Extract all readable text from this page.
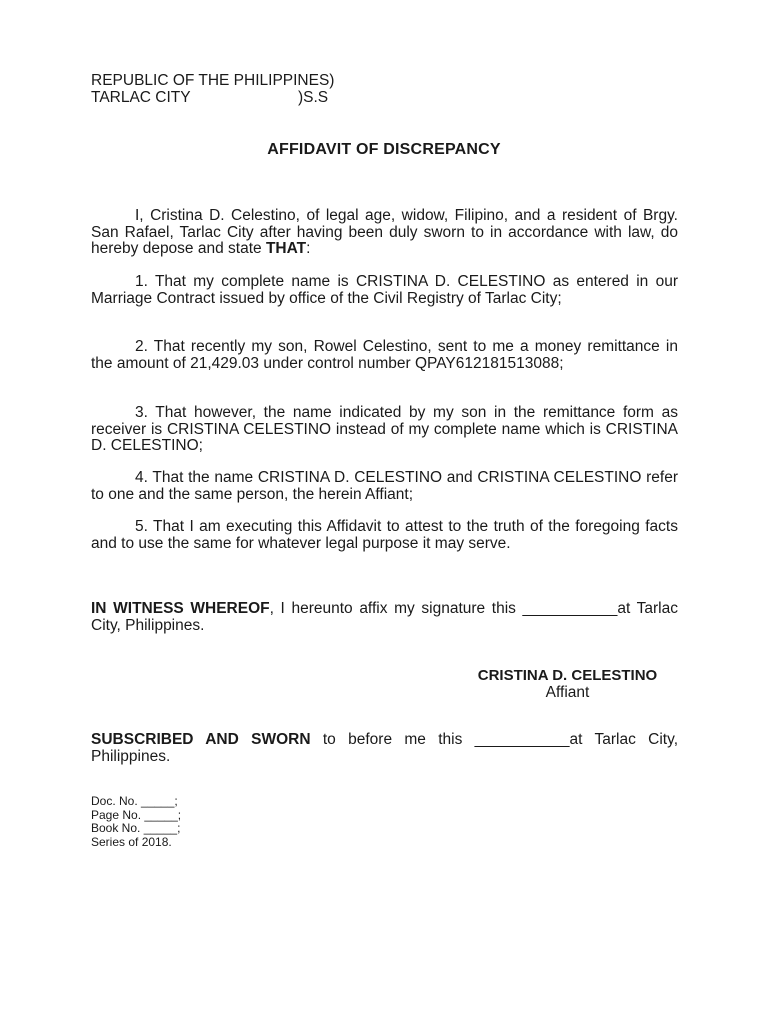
REPUBLIC OF THE PHILIPPINES)
TARLAC CITY                         )S.S
AFFIDAVIT OF DISCREPANCY
I, Cristina D. Celestino, of legal age, widow, Filipino, and a resident of Brgy. San Rafael, Tarlac City after having been duly sworn to in accordance with law, do hereby depose and state THAT:
1. That my complete name is CRISTINA D. CELESTINO as entered in our Marriage Contract issued by office of the Civil Registry of Tarlac City;
2. That recently my son, Rowel Celestino, sent to me a money remittance in the amount of 21,429.03 under control number QPAY612181513088;
3. That however, the name indicated by my son in the remittance form as receiver is CRISTINA CELESTINO instead of my complete name which is CRISTINA D. CELESTINO;
4. That the name CRISTINA D. CELESTINO and CRISTINA CELESTINO refer to one and the same person, the herein Affiant;
5. That I am executing this Affidavit to attest to the truth of the foregoing facts and to use the same for whatever legal purpose it may serve.
IN WITNESS WHEREOF, I hereunto affix my signature this ___________at Tarlac City, Philippines.
CRISTINA D. CELESTINO
Affiant
SUBSCRIBED AND SWORN to before me this ___________at Tarlac City, Philippines.
Doc. No. _____;
Page No. _____;
Book No. _____;
Series of 2018.
